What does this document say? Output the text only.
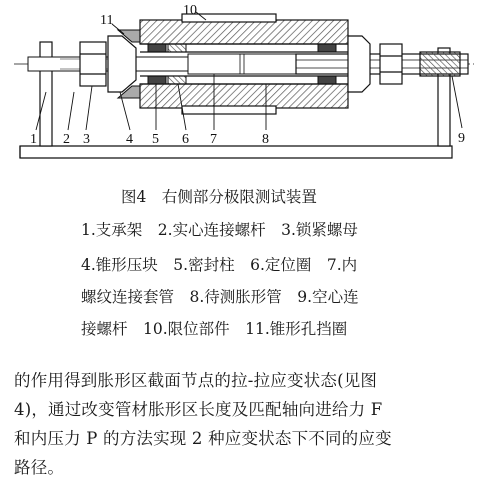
1 2 3	4 5 6 7	8	9
10
11
图4　右侧部分极限测试装置
1.支承架　2.实心连接螺杆　3.锁紧螺母
4.锥形压块　5.密封柱　6.定位圈　7.内
螺纹连接套管　8.待测胀形管　9.空心连
接螺杆　10.限位部件　11.锥形孔挡圈
的作用得到胀形区截面节点的拉-拉应变状态(见图
4)，通过改变管材胀形区长度及匹配轴向进给力 F
和内压力 P 的方法实现 2 种应变状态下不同的应变
路径。
